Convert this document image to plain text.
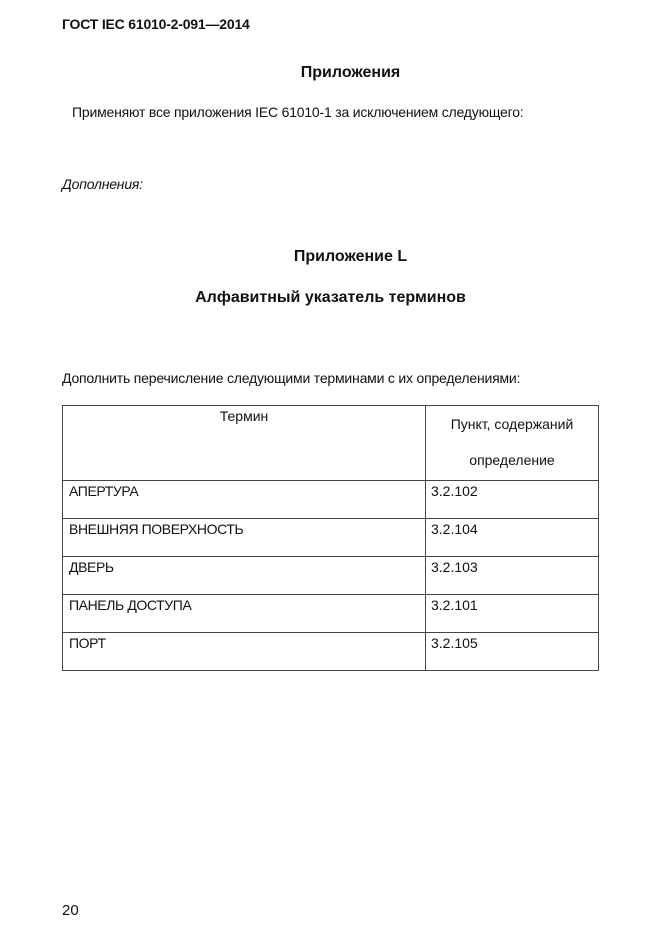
ГОСТ IEC 61010-2-091—2014
Приложения
Применяют все приложения IEC 61010-1 за исключением следующего:
Дополнения:
Приложение L
Алфавитный указатель терминов
Дополнить перечисление следующими терминами с их определениями:
Термин	Пункт, содержаний определение
АПЕРТУРА	3.2.102
ВНЕШНЯЯ ПОВЕРХНОСТЬ	3.2.104
ДВЕРЬ	3.2.103
ПАНЕЛЬ ДОСТУПА	3.2.101
ПОРТ	3.2.105
20
